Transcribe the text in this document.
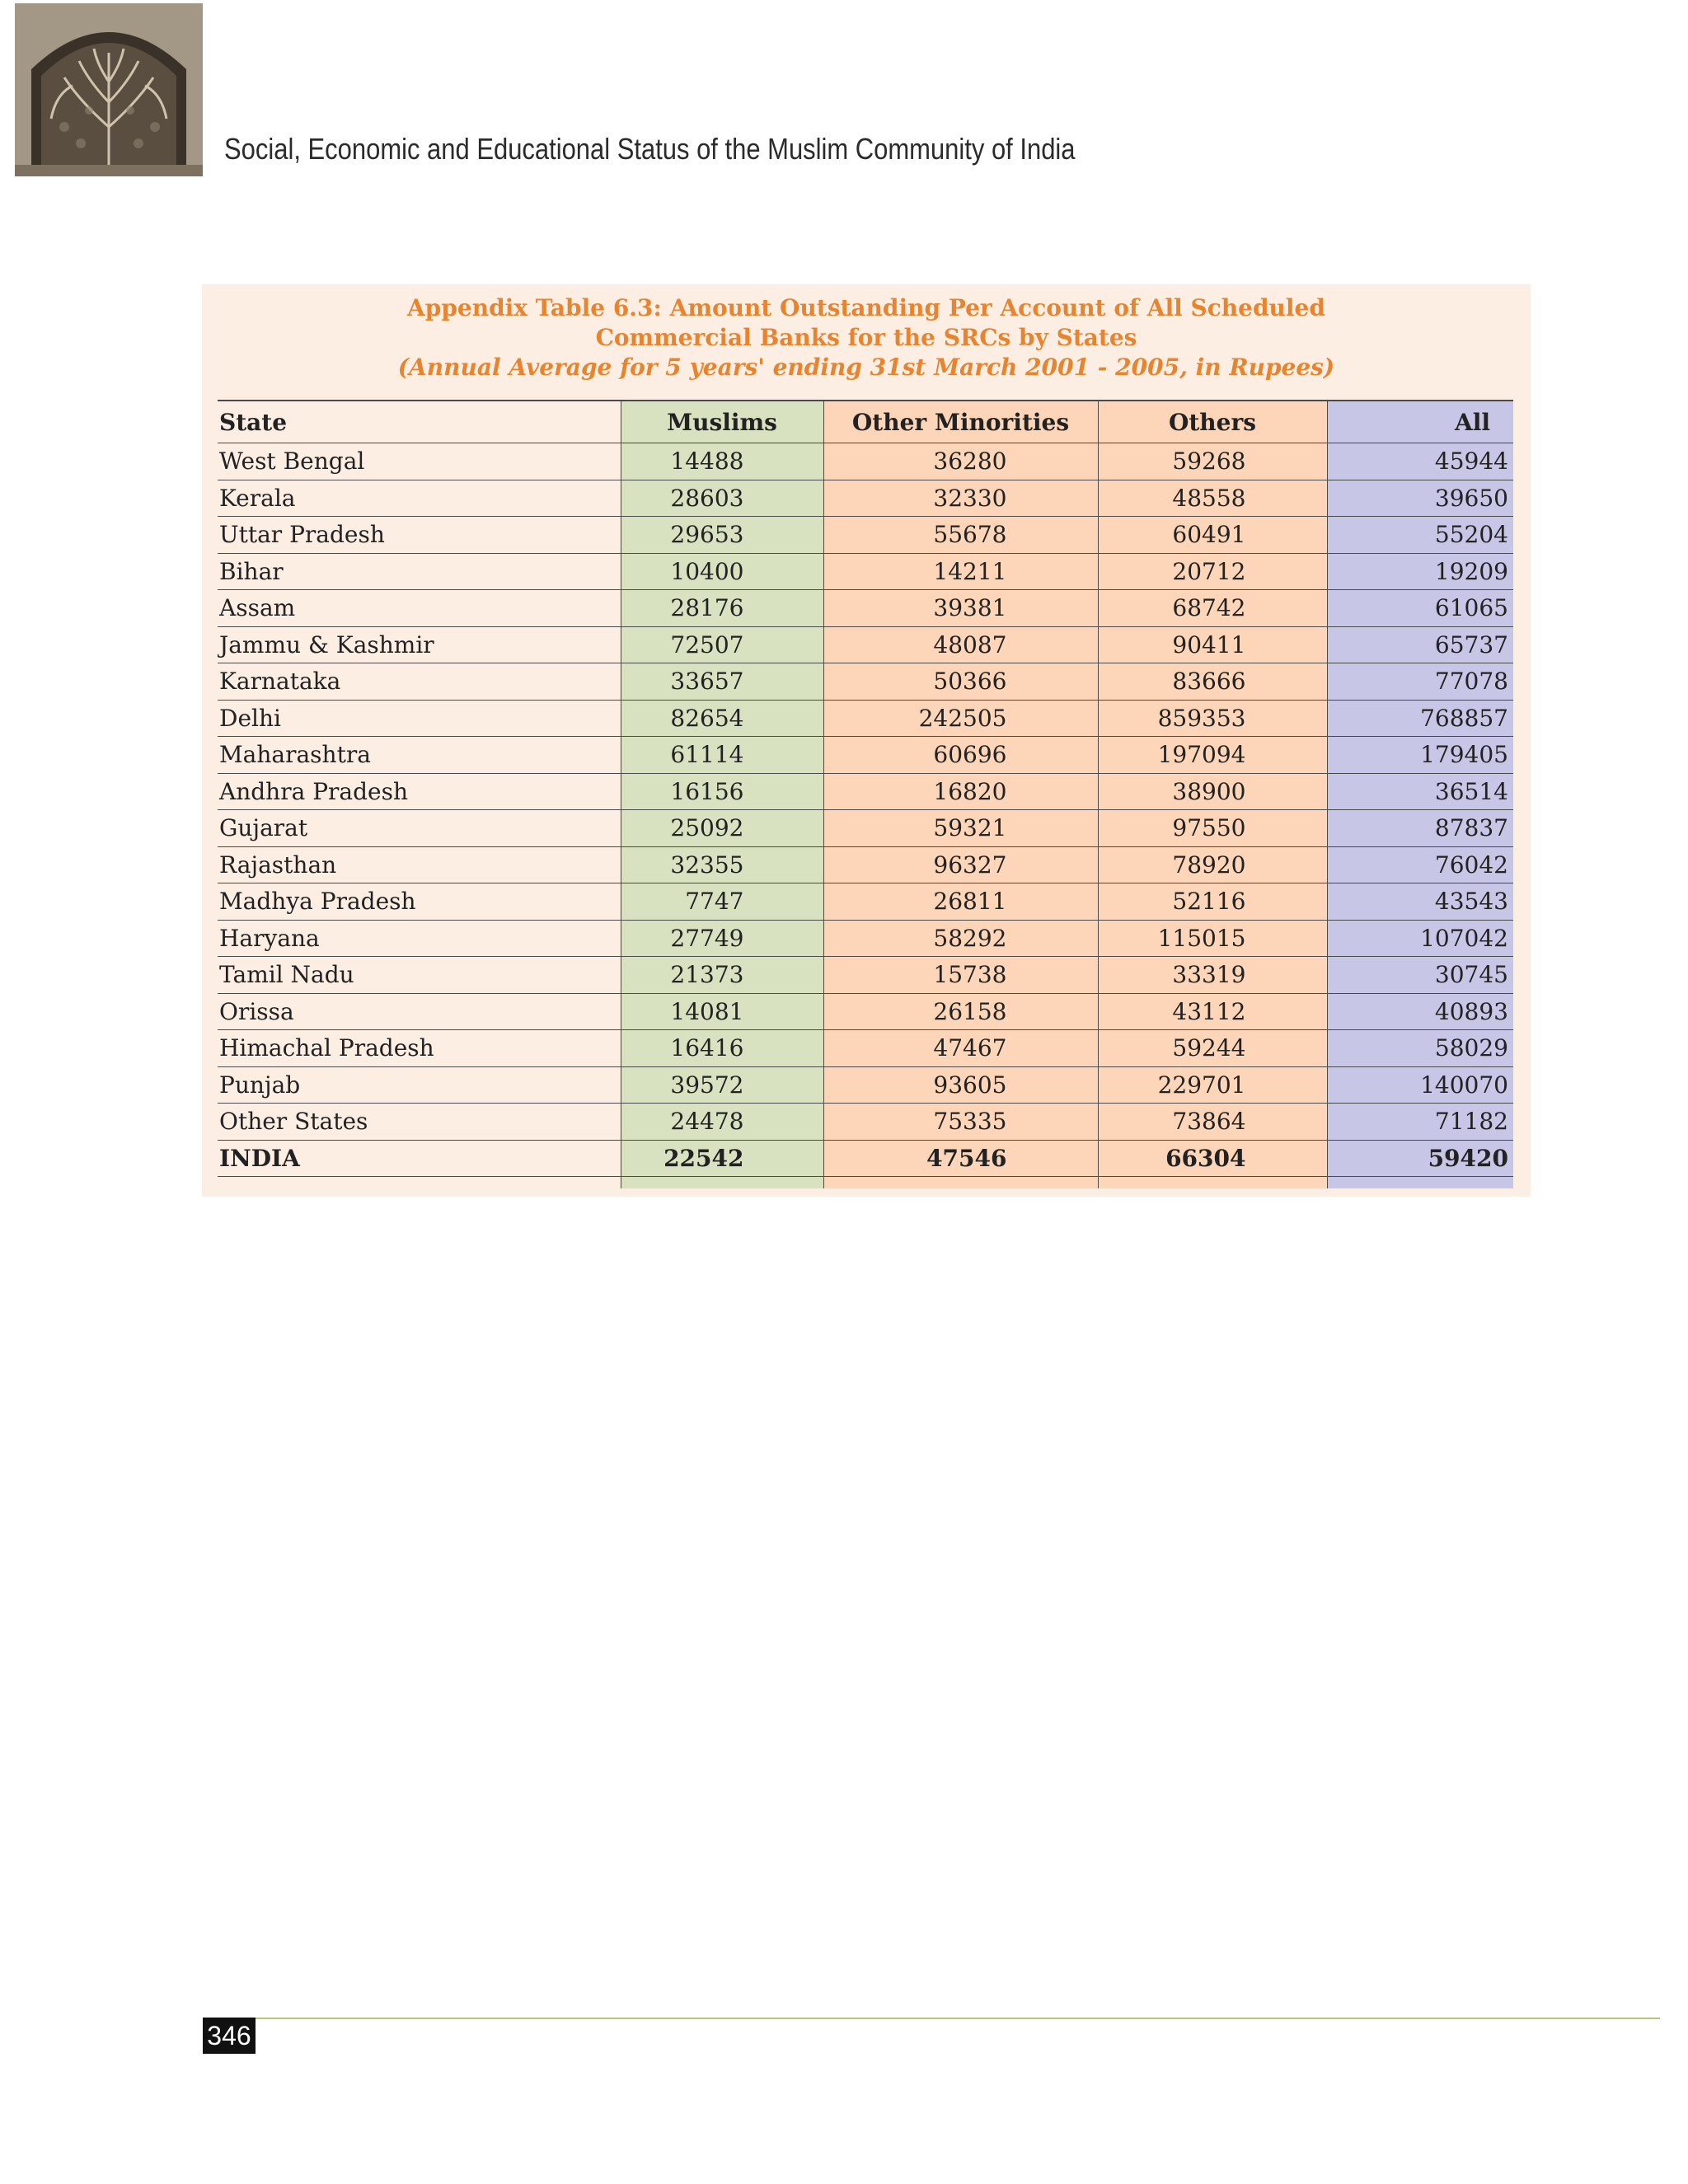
Social, Economic and Educational Status of the Muslim Community of India
Appendix Table 6.3: Amount Outstanding Per Account of All Scheduled
Commercial Banks for the SRCs by States
(Annual Average for 5 years' ending 31st March 2001 - 2005, in Rupees)
State	Muslims	Other Minorities	Others	All
West Bengal	14488	36280	59268	45944
Kerala	28603	32330	48558	39650
Uttar Pradesh	29653	55678	60491	55204
Bihar	10400	14211	20712	19209
Assam	28176	39381	68742	61065
Jammu & Kashmir	72507	48087	90411	65737
Karnataka	33657	50366	83666	77078
Delhi	82654	242505	859353	768857
Maharashtra	61114	60696	197094	179405
Andhra Pradesh	16156	16820	38900	36514
Gujarat	25092	59321	97550	87837
Rajasthan	32355	96327	78920	76042
Madhya Pradesh	7747	26811	52116	43543
Haryana	27749	58292	115015	107042
Tamil Nadu	21373	15738	33319	30745
Orissa	14081	26158	43112	40893
Himachal Pradesh	16416	47467	59244	58029
Punjab	39572	93605	229701	140070
Other States	24478	75335	73864	71182
INDIA	22542	47546	66304	59420

346
